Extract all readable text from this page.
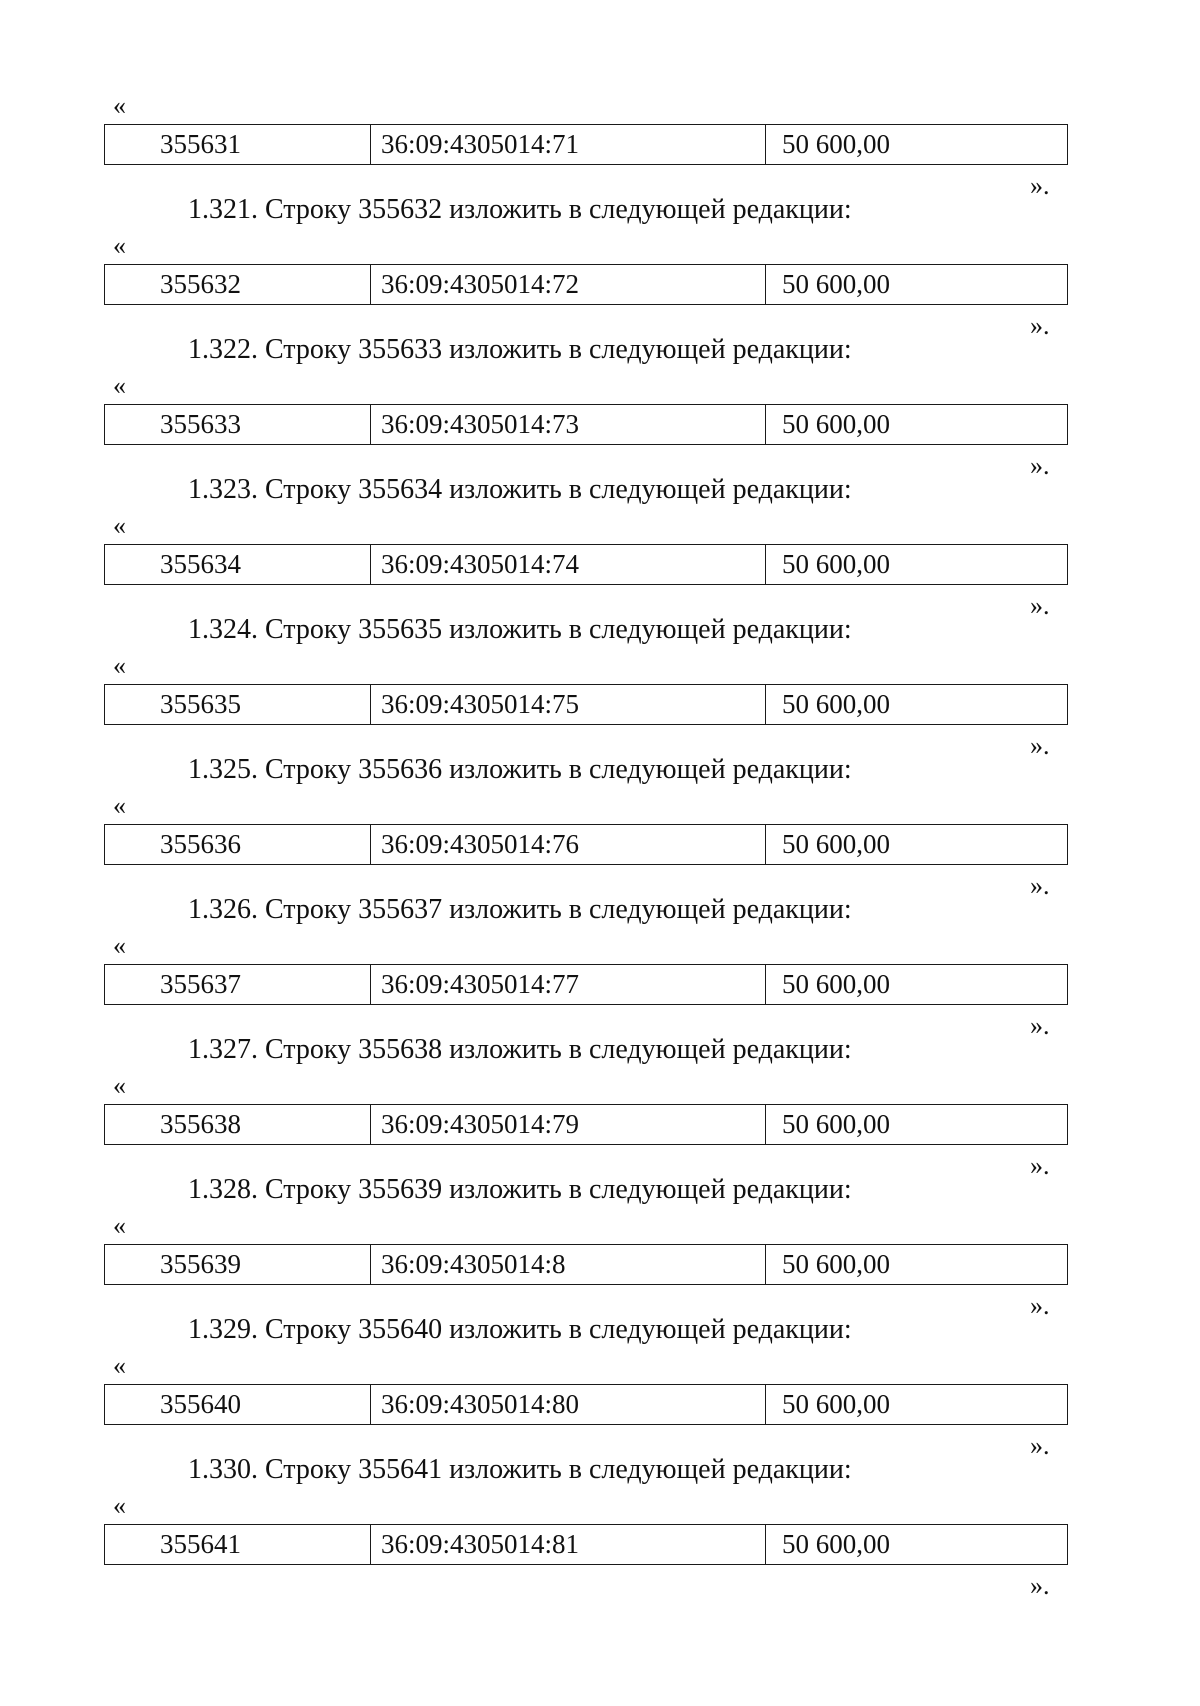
«
355631	36:09:4305014:71	50 600,00
».
1.321. Строку 355632 изложить в следующей редакции:
«
355632	36:09:4305014:72	50 600,00
».
1.322. Строку 355633 изложить в следующей редакции:
«
355633	36:09:4305014:73	50 600,00
».
1.323. Строку 355634 изложить в следующей редакции:
«
355634	36:09:4305014:74	50 600,00
».
1.324. Строку 355635 изложить в следующей редакции:
«
355635	36:09:4305014:75	50 600,00
».
1.325. Строку 355636 изложить в следующей редакции:
«
355636	36:09:4305014:76	50 600,00
».
1.326. Строку 355637 изложить в следующей редакции:
«
355637	36:09:4305014:77	50 600,00
».
1.327. Строку 355638 изложить в следующей редакции:
«
355638	36:09:4305014:79	50 600,00
».
1.328. Строку 355639 изложить в следующей редакции:
«
355639	36:09:4305014:8	50 600,00
».
1.329. Строку 355640 изложить в следующей редакции:
«
355640	36:09:4305014:80	50 600,00
».
1.330. Строку 355641 изложить в следующей редакции:
«
355641	36:09:4305014:81	50 600,00
».
